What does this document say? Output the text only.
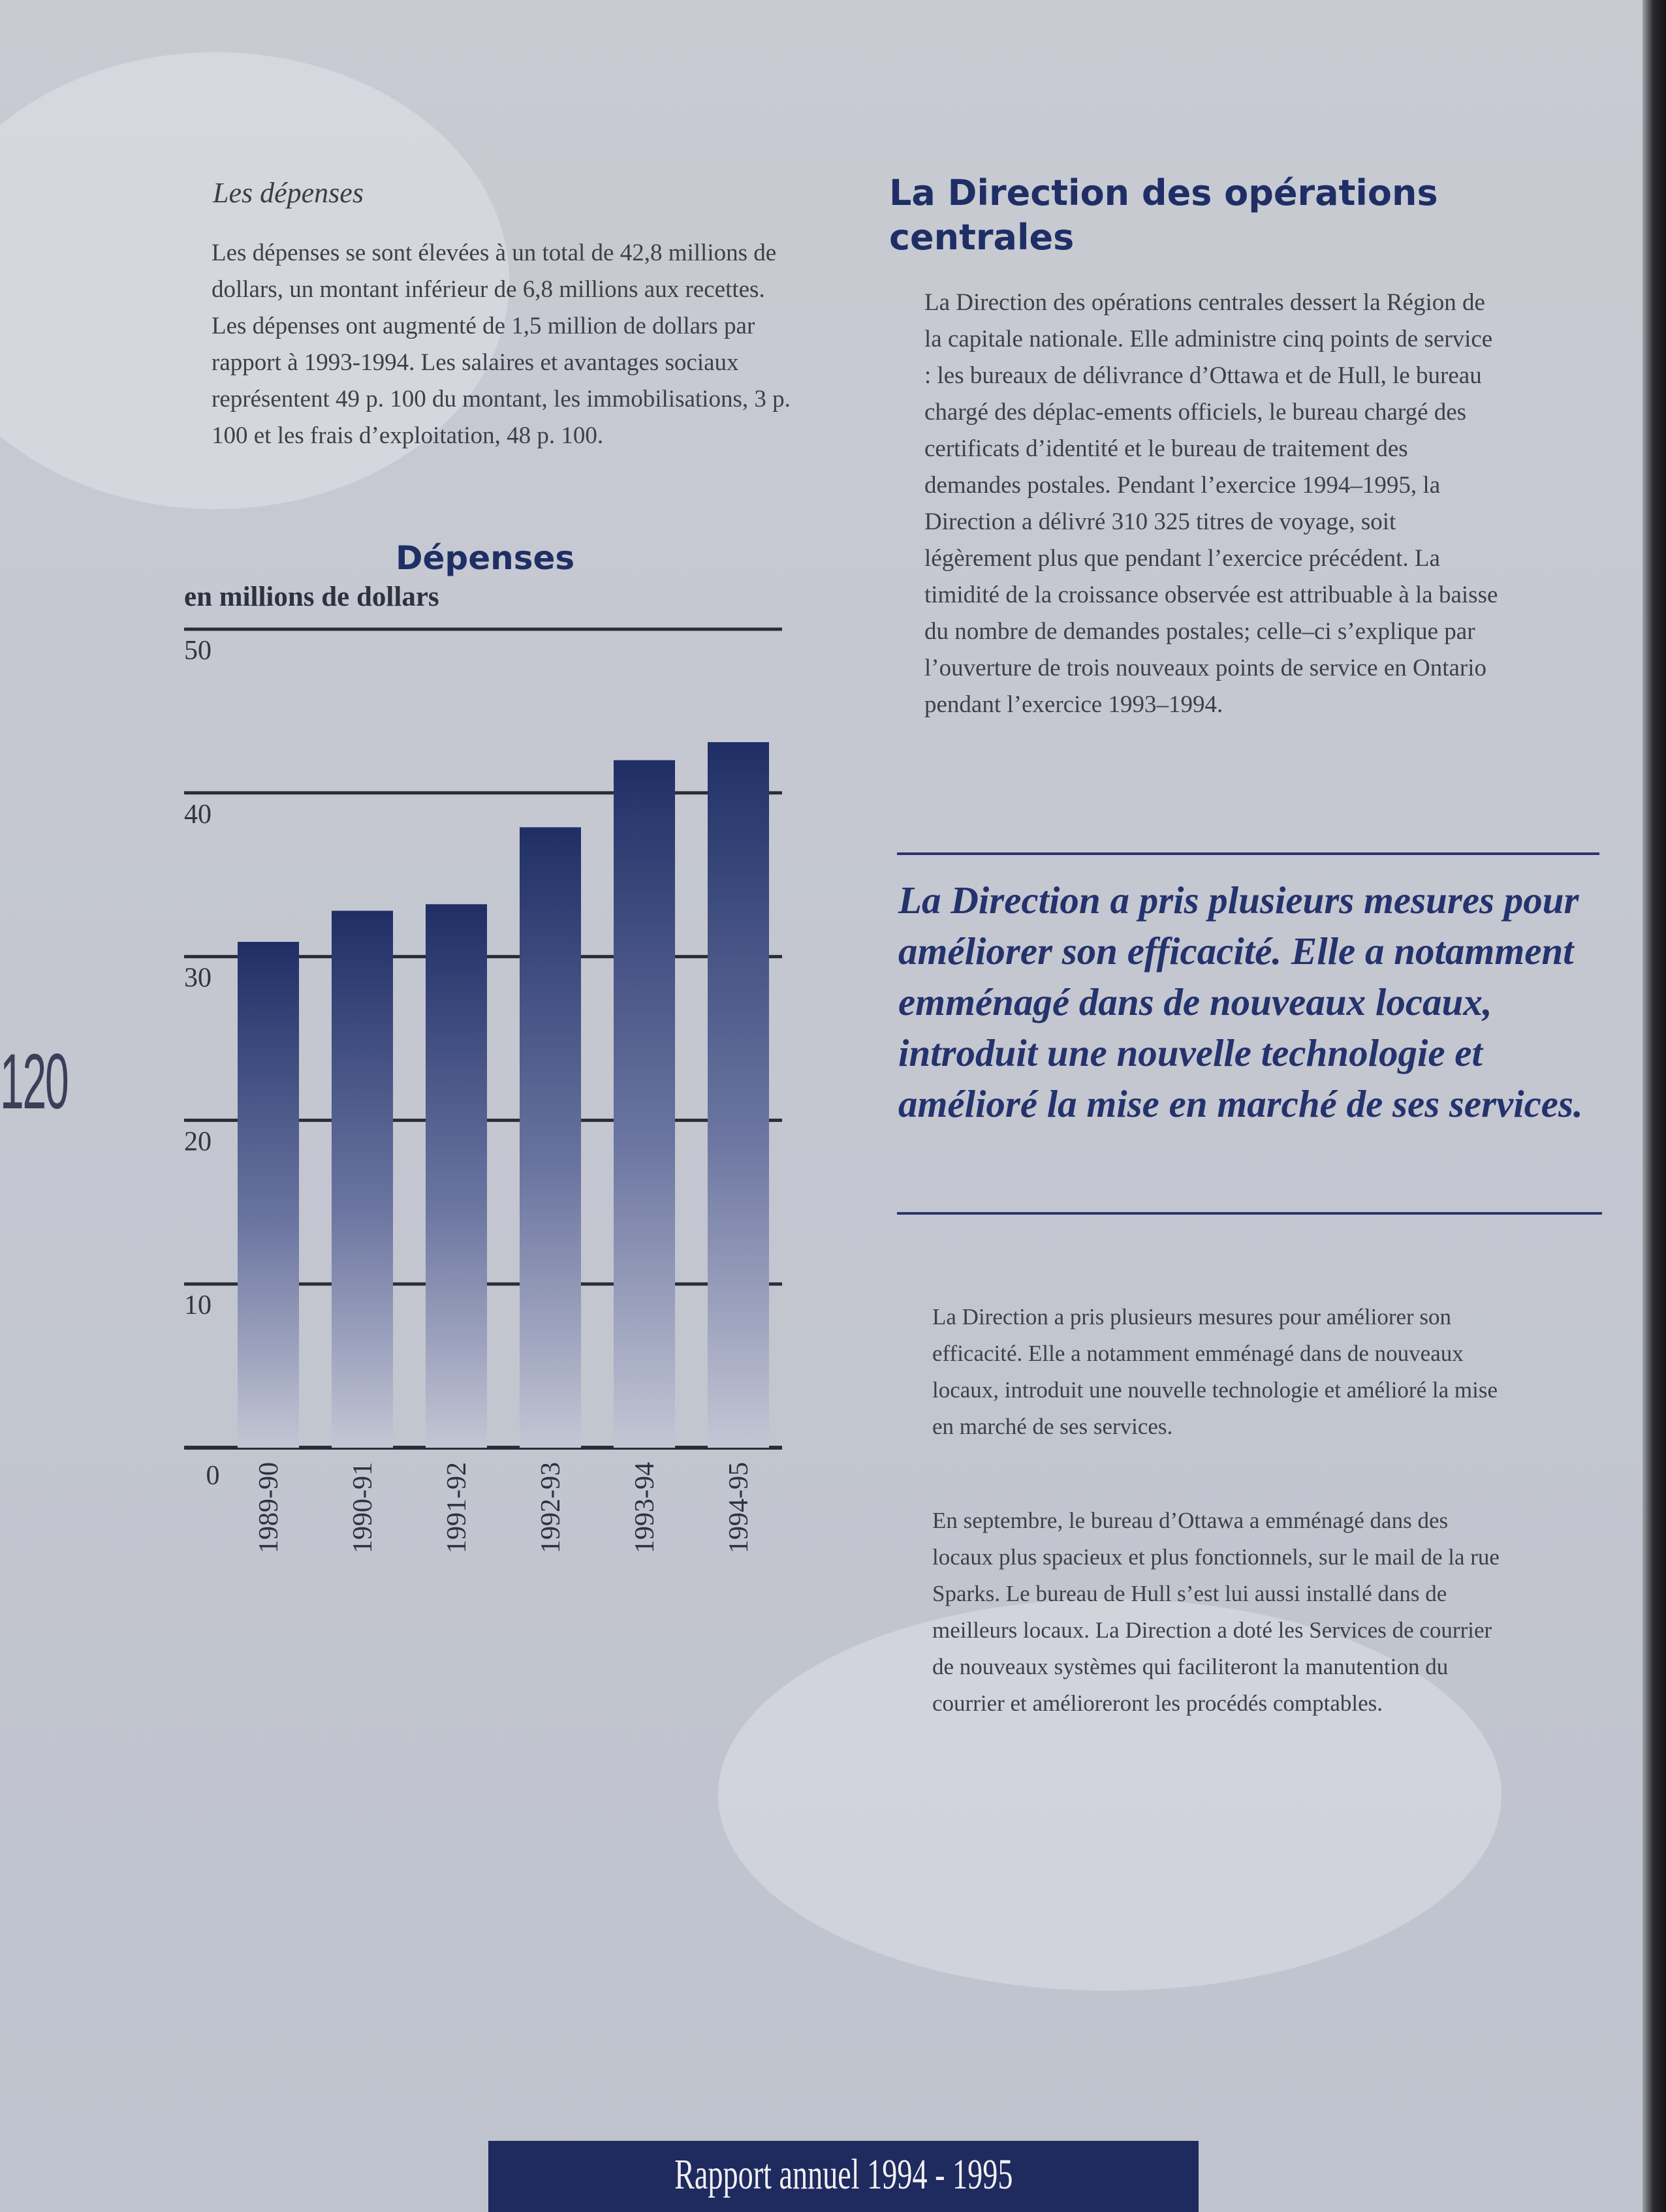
Les dépenses

Les dépenses se sont élevées à un total de 42,8 millions de dollars, un montant inférieur de 6,8 millions aux recettes. Les dépenses ont augmenté de 1,5 million de dollars par rapport à 1993-1994. Les salaires et avantages sociaux représentent 49 p. 100 du montant, les immobilisations, 3 p. 100 et les frais d’exploitation, 48 p. 100.

Dépenses
en millions de dollars
0
10
20
30
40
50
1989-90 1990-91 1991-92 1992-93 1993-94 1994-95
120
La Direction des opérations centrales

La Direction des opérations centrales dessert la Région de la capitale nationale. Elle administre cinq points de service : les bureaux de délivrance d’Ottawa et de Hull, le bureau chargé des déplac-ements officiels, le bureau chargé des certificats d’identité et le bureau de traitement des demandes postales. Pendant l’exercice 1994–1995, la Direction a délivré 310 325 titres de voyage, soit légèrement plus que pendant l’exercice précédent. La timidité de la croissance observée est attribuable à la baisse du nombre de demandes postales; celle–ci s’explique par l’ouverture de trois nouveaux points de service en Ontario pendant l’exercice 1993–1994.

La Direction a pris plusieurs mesures pour améliorer son efficacité. Elle a notamment emménagé dans de nouveaux locaux, introduit une nouvelle technologie et amélioré la mise en marché de ses services.

La Direction a pris plusieurs mesures pour améliorer son efficacité. Elle a notamment emménagé dans de nouveaux locaux, introduit une nouvelle technologie et amélioré la mise en marché de ses services.

En septembre, le bureau d’Ottawa a emménagé dans des locaux plus spacieux et plus fonctionnels, sur le mail de la rue Sparks. Le bureau de Hull s’est lui aussi installé dans de meilleurs locaux. La Direction a doté les Services de courrier de nouveaux systèmes qui faciliteront la manutention du courrier et amélioreront les procédés comptables.

Rapport annuel 1994 - 1995
